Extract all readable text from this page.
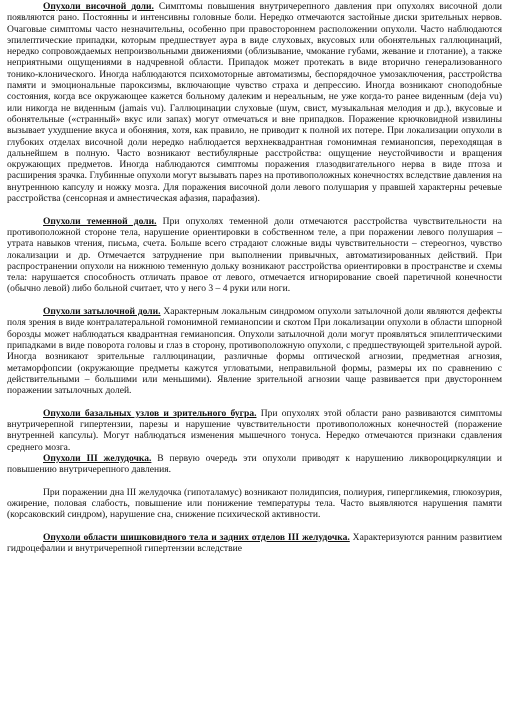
Опухоли височной доли. Симптомы повышения внутричерепного давления при опухолях височной доли появляются рано. Постоянны и интенсивны головные боли. Нередко отмечаются застойные диски зрительных нервов. Очаговые симптомы часто незначительны, особенно при правостороннем расположении опухоли. Часто наблюдаются эпилептические припадки, которым предшествует аура в виде слуховых, вкусовых или обонятельных галлюцинаций, нередко сопровождаемых непроизвольными движениями (облизывание, чмокание губами, жевание и глотание), а также неприятными ощущениями в надчревной области. Припадок может протекать в виде вторично генерализованного тонико-клонического. Иногда наблюдаются психомоторные автоматизмы, беспорядочное умозаключения, расстройства памяти и эмоциональные пароксизмы, включающие чувство страха и депрессию. Иногда возникают сноподобные состояния, когда все окружающее кажется больному далеким и нереальным, не уже когда-то ранее виденным (deja vu) или никогда не виденным (jamais vu). Галлюцинации слуховые (шум, свист, музыкальная мелодия и др.), вкусовые и обонятельные («странный» вкус или запах) могут отмечаться и вне припадков. Поражение крючковидной извилины вызывает ухудшение вкуса и обоняния, хотя, как правило, не приводит к полной их потере. При локализации опухоли в глубоких отделах височной доли нередко наблюдается верхнеквадрантная гомонимная гемианопсия, переходящая в дальнейшем в полную. Часто возникают вестибулярные расстройства: ощущение неустойчивости и вращения окружающих предметов. Иногда наблюдаются симптомы поражения глазодвигательного нерва в виде птоза и расширения зрачка. Глубинные опухоли могут вызывать парез на противоположных конечностях вследствие давления на внутреннюю капсулу и ножку мозга. Для поражения височной доли левого полушария у правшей характерны речевые расстройства (сенсорная и амнестическая афазия, парафазия).

Опухоли теменной доли. При опухолях теменной доли отмечаются расстройства чувствительности на противоположной стороне тела, нарушение ориентировки в собственном теле, а при поражении левого полушария – утрата навыков чтения, письма, счета. Больше всего страдают сложные виды чувствительности – стереогноз, чувство локализации и др. Отмечается затруднение при выполнении привычных, автоматизированных действий. При распространении опухоли на нижнюю теменную дольку возникают расстройства ориентировки в пространстве и схемы тела: нарушается способность отличать правое от левого, отмечается игнорирование своей паретичной конечности (обычно левой) либо больной считает, что у него 3 – 4 руки или ноги.

Опухоли затылочной доли. Характерным локальным синдромом опухоли затылочной доли являются дефекты поля зрения в виде контралатеральной гомонимной гемианопсии и скотом При локализации опухоли в области шпорной борозды может наблюдаться квадрантная гемианопсия. Опухоли затылочной доли могут проявляться эпилептическими припадками в виде поворота головы и глаз в сторону, противоположную опухоли, с предшествующей зрительной аурой. Иногда возникают зрительные галлюцинации, различные формы оптической агнозии, предметная агнозия, метаморфопсии (окружающие предметы кажутся угловатыми, неправильной формы, размеры их по сравнению с действительными – большими или меньшими). Явление зрительной агнозии чаще развивается при двустороннем поражении затылочных долей.

Опухоли базальных узлов и зрительного бугра. При опухолях этой области рано развиваются симптомы внутричерепной гипертензии, парезы и нарушение чувствительности противоположных конечностей (поражение внутренней капсулы). Могут наблюдаться изменения мышечного тонуса. Нередко отмечаются признаки сдавления среднего мозга.

Опухоли III желудочка. В первую очередь эти опухоли приводят к нарушению ликвороциркуляции и повышению внутричерепного давления.

При поражении дна III желудочка (гипоталамус) возникают полидипсия, полиурия, гипергликемия, глюкозурия, ожирение, половая слабость, повышение или понижение температуры тела. Часто выявляются нарушения памяти (корсаковский синдром), нарушение сна, снижение психической активности.

Опухоли области шишковидного тела и задних отделов III желудочка. Характеризуются ранним развитием гидроцефалии и внутричерепной гипертензии вследствие
